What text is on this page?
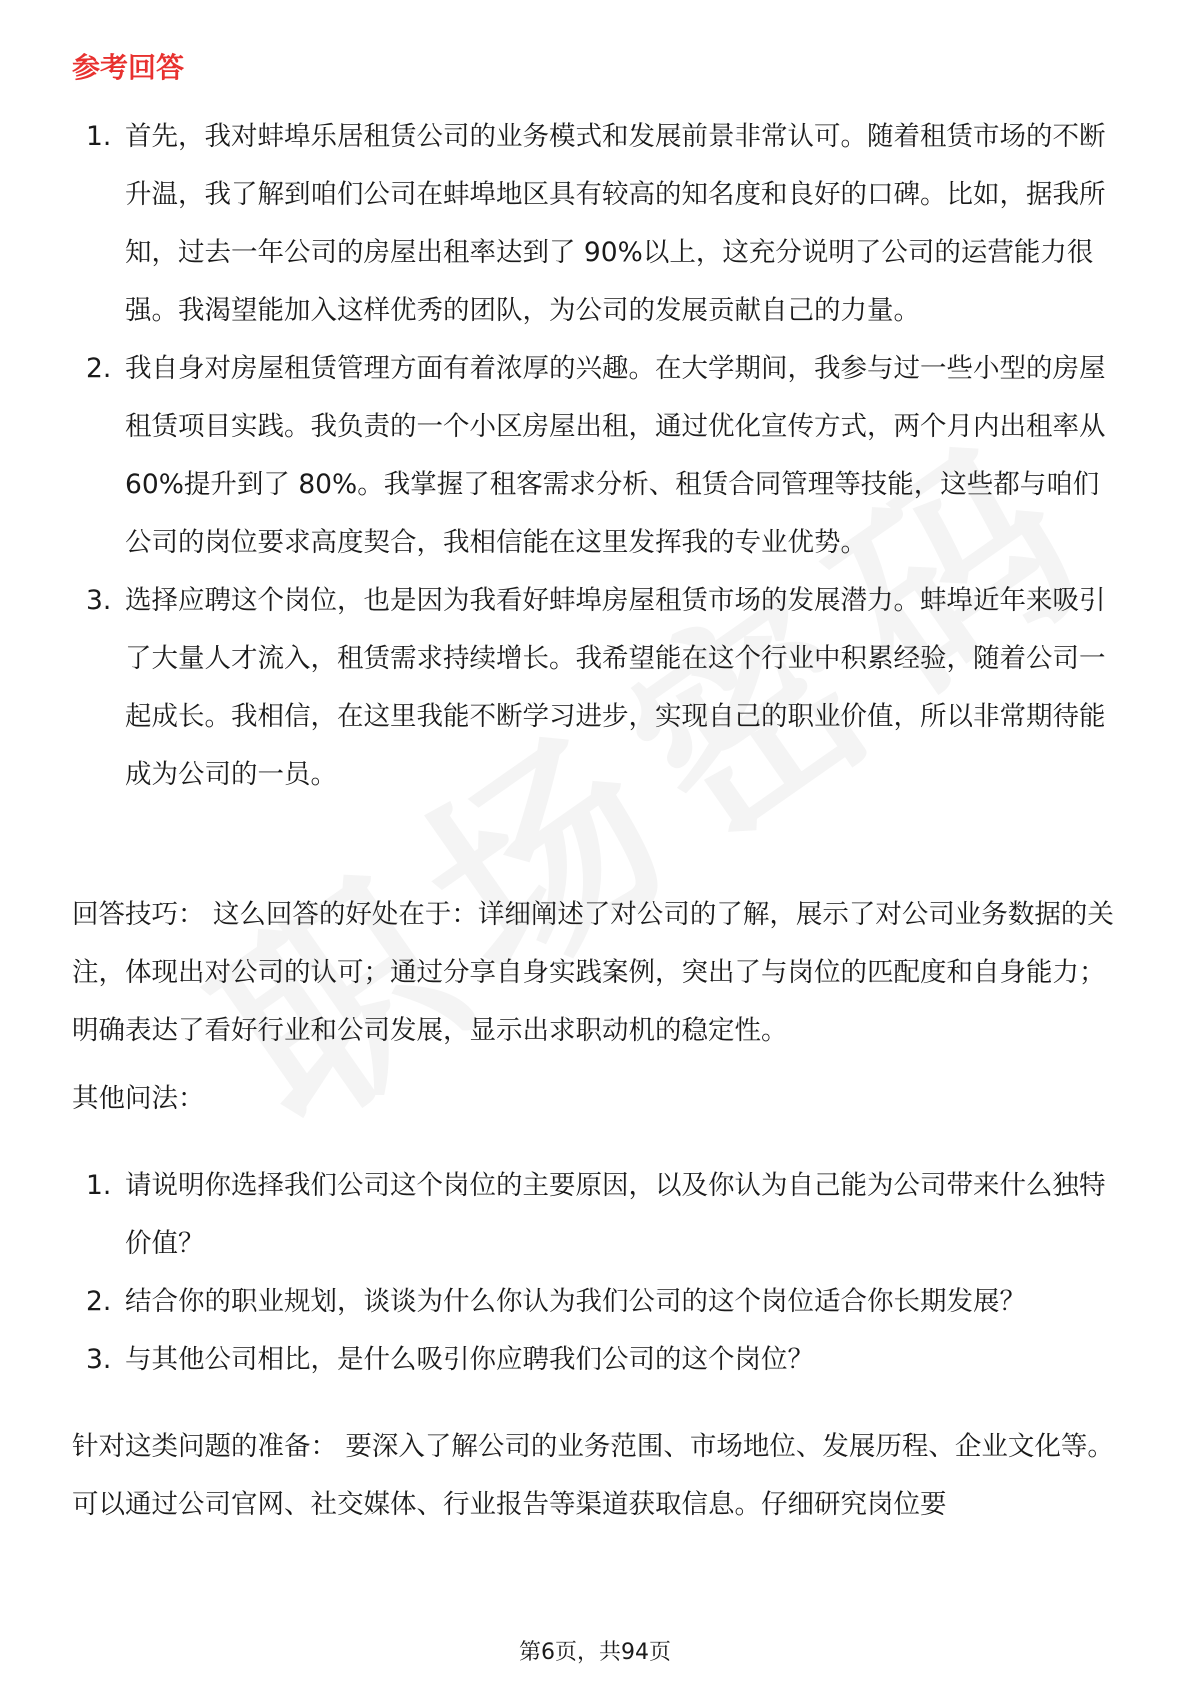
参考回答
1. 首先，我对蚌埠乐居租赁公司的业务模式和发展前景非常认可。随着租赁市场的不断升温，我了解到咱们公司在蚌埠地区具有较高的知名度和良好的口碑。比如，据我所知，过去一年公司的房屋出租率达到了 90%以上，这充分说明了公司的运营能力很强。我渴望能加入这样优秀的团队，为公司的发展贡献自己的力量。
2. 我自身对房屋租赁管理方面有着浓厚的兴趣。在大学期间，我参与过一些小型的房屋租赁项目实践。我负责的一个小区房屋出租，通过优化宣传方式，两个月内出租率从 60%提升到了 80%。我掌握了租客需求分析、租赁合同管理等技能，这些都与咱们公司的岗位要求高度契合，我相信能在这里发挥我的专业优势。
3. 选择应聘这个岗位，也是因为我看好蚌埠房屋租赁市场的发展潜力。蚌埠近年来吸引了大量人才流入，租赁需求持续增长。我希望能在这个行业中积累经验，随着公司一起成长。我相信，在这里我能不断学习进步，实现自己的职业价值，所以非常期待能成为公司的一员。

回答技巧： 这么回答的好处在于：详细阐述了对公司的了解，展示了对公司业务数据的关注，体现出对公司的认可；通过分享自身实践案例，突出了与岗位的匹配度和自身能力；明确表达了看好行业和公司发展，显示出求职动机的稳定性。

其他问法：

1. 请说明你选择我们公司这个岗位的主要原因，以及你认为自己能为公司带来什么独特价值？
2. 结合你的职业规划，谈谈为什么你认为我们公司的这个岗位适合你长期发展？
3. 与其他公司相比，是什么吸引你应聘我们公司的这个岗位？

针对这类问题的准备： 要深入了解公司的业务范围、市场地位、发展历程、企业文化等。可以通过公司官网、社交媒体、行业报告等渠道获取信息。仔细研究岗位要

第6页，共94页
